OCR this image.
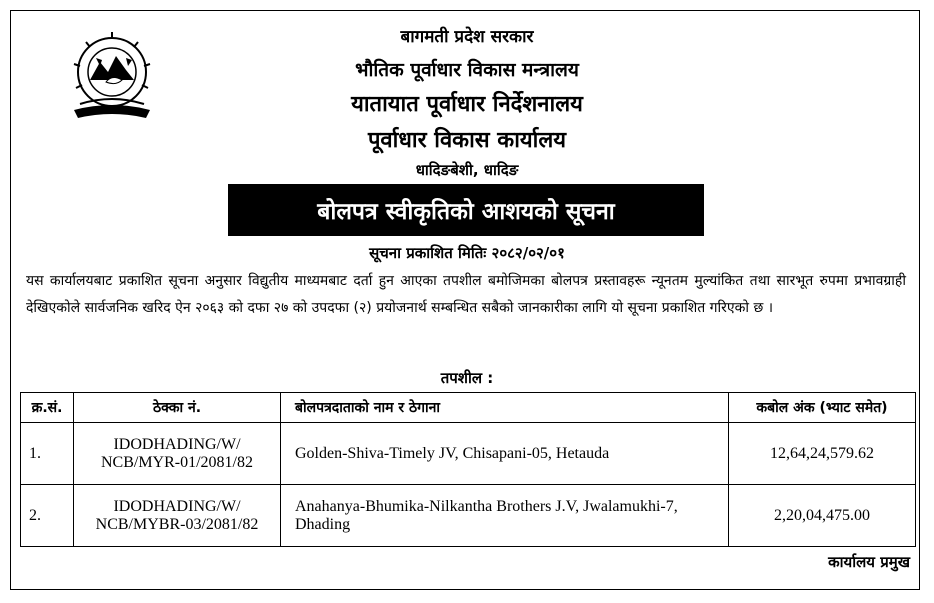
बागमती प्रदेश सरकार
भौतिक पूर्वाधार विकास मन्त्रालय
यातायात पूर्वाधार निर्देशनालय
पूर्वाधार विकास कार्यालय
धादिङबेशी, धादिङ
बोलपत्र स्वीकृतिको आशयको सूचना
सूचना प्रकाशित मितिः २०८२/०२/०१
यस कार्यालयबाट प्रकाशित सूचना अनुसार विद्युतीय माध्यमबाट दर्ता हुन आएका तपशील बमोजिमका बोलपत्र प्रस्तावहरू न्यूनतम मुल्यांकित तथा सारभूत रुपमा प्रभावग्राही देखिएकोले सार्वजनिक खरिद ऐन २०६३ को दफा २७ को उपदफा (२) प्रयोजनार्थ सम्बन्धित सबैको जानकारीका लागि यो सूचना प्रकाशित गरिएको छ ।
तपशील :
क्र.सं.	ठेक्का नं.	बोलपत्रदाताको नाम र ठेगाना	कबोल अंक (भ्याट समेत)
1.	IDODHADING/W/
NCB/MYR-01/2081/82	Golden-Shiva-Timely JV, Chisapani-05, Hetauda	12,64,24,579.62
2.	IDODHADING/W/
NCB/MYBR-03/2081/82	Anahanya-Bhumika-Nilkantha Brothers J.V, Jwalamukhi-7, Dhading	2,20,04,475.00
कार्यालय प्रमुख
